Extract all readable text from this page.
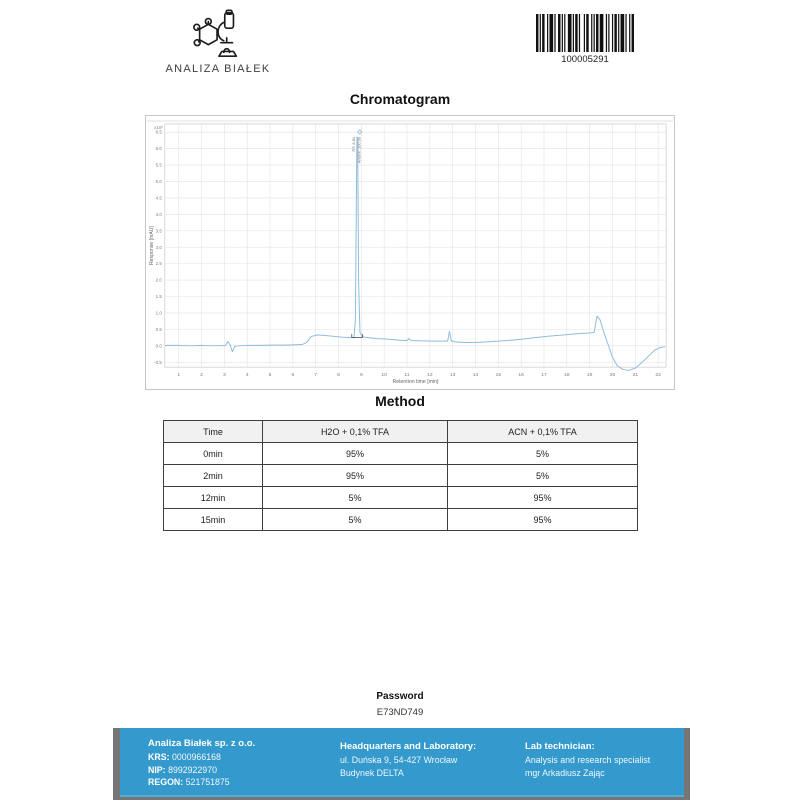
ANALIZA BIAŁEK
100005291
Chromatogram
1	2	3	4	5	6	7	8	9	10	11	12	13	14	15	16	17	18	19	20	21	22
6.5
6.0
5.5
5.0
4.5
4.0
3.5
3.0
2.5
2.0
1.5
1.0
0.5
0.0
-0.5
x10²
RT: 8.81 Area%: 100.00
Retention time [min]
Response [mAU]
Method
Time	H2O + 0,1% TFA	ACN + 0,1% TFA
0min	95%	5%
2min	95%	5%
12min	5%	95%
15min	5%	95%
Password
E73ND749
Analiza Białek sp. z o.o.
KRS: 0000966168
NIP: 8992922970
REGON: 521751875
Headquarters and Laboratory:
ul. Duńska 9, 54-427 Wrocław
Budynek DELTA
Lab technician:
Analysis and research specialist
mgr Arkadiusz Zając
